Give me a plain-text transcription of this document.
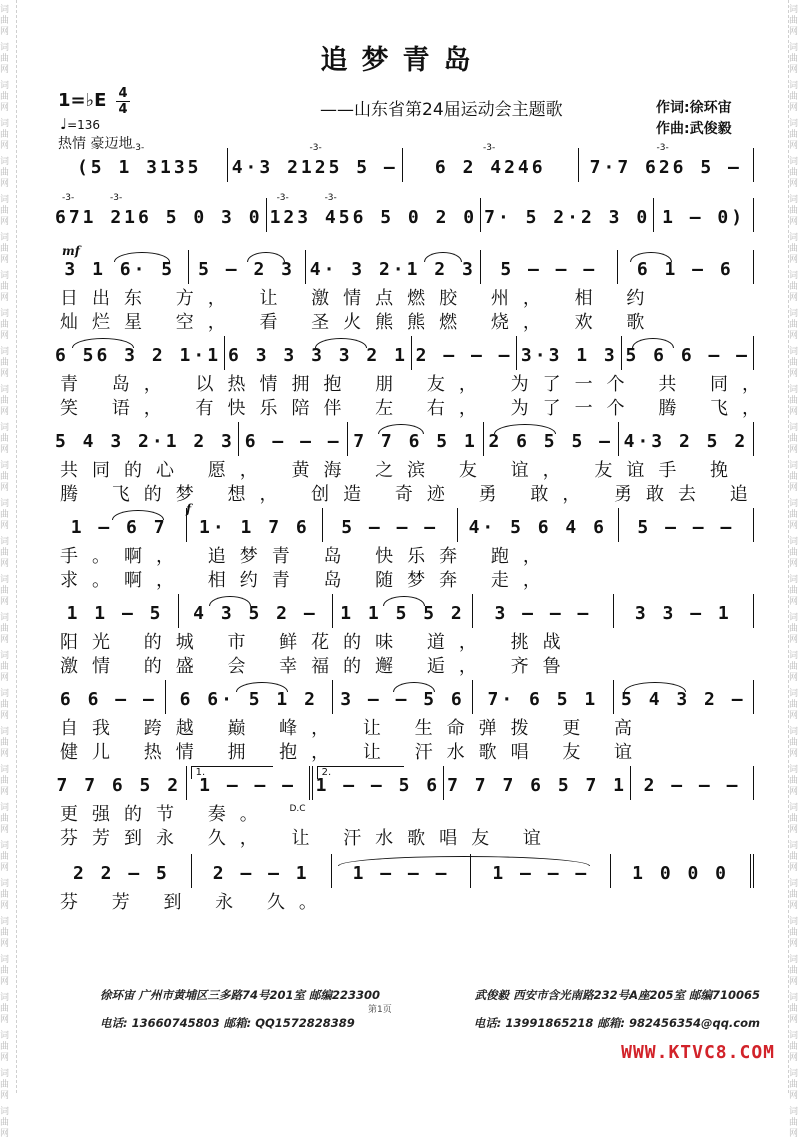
词曲网
词曲网
词曲网
词曲网
词曲网
词曲网
词曲网
词曲网
词曲网
词曲网
词曲网
词曲网
词曲网
词曲网
词曲网
词曲网
词曲网
词曲网
词曲网
词曲网
词曲网
词曲网
词曲网
词曲网
词曲网
词曲网
词曲网
词曲网
词曲网
词曲网
词曲网
词曲网
词曲网
词曲网
词曲网
词曲网
词曲网
词曲网
词曲网
词曲网
词曲网
词曲网
词曲网
词曲网
词曲网
词曲网
词曲网
词曲网
词曲网
词曲网
词曲网
词曲网
词曲网
词曲网
词曲网
词曲网
词曲网
词曲网
词曲网
词曲网
追梦青岛
1=♭E 4
4
♩=136
热情 豪迈地
——山东省第24届运动会主题歌	作词:徐环宙
作曲:武俊毅
-3-
(5 1 3135
-3-
4·3 2125 5 —
-3-
6 2 4246
-3-
7·7 626 5 —
-3-	-3-
671 216 5 0 3 0
-3-	-3-
123 456 5 0 2 0 7· 5 2·2 3 0 1 — 0)
mf
3 1 6· 5 5 — 2 3 4· 3 2·1 2 3 5 — — — 6 1 — 6
日出东 方， 让 激情点燃胶 州， 相 约
灿烂星 空， 看 圣火熊熊燃 烧， 欢 歌
6 56 3 2 1·1 6 3 3 3 3 2 1 2 — — — 3·3 1 3 5 6 6 — —
青 岛， 以热情拥抱 朋 友， 为了一个 共 同，
笑 语， 有快乐陪伴 左 右， 为了一个 腾 飞，
5 4 3 2·1 2 3 6 — — — 7 7 6 5 1 2 6 5 5 — 4·3 2 5 2
共同的心 愿， 黄海 之滨 友 谊， 友谊手 挽
腾 飞的梦 想， 创造 奇迹 勇 敢， 勇敢去 追
f
1 — 6 7 1· 1 7 6 5 — — — 4· 5 6 4 6 5 — — —
手。啊， 追梦青 岛 快乐奔 跑，
求。啊， 相约青 岛 随梦奔 走，
1 1 — 5 4 3 5 2 — 1 1 5 5 2 3 — — — 3 3 — 1
阳光 的城 市 鲜花的味 道， 挑战
激情 的盛 会 幸福的邂 逅， 齐鲁
6 6 — — 6 6· 5 1 2 3 — — 5 6 7· 6 5 1 5 4 3 2 —
自我 跨越 巅 峰， 让 生命弹拨 更 高
健儿 热情 拥 抱， 让 汗水歌唱 友 谊
7 7 6 5 2
1.
1 — — —
D.C
2.
1 — — 5 6 7 7 7 6 5 7 1 2 — — —
更强的节 奏。
芬芳到永 久， 让 汗水歌唱友 谊
2 2 — 5 2 — — 1 1 — — — 1 — — — 1 0 0 0
芬 芳 到 永 久。
徐环宙 广州市黄埔区三多路74号201室 邮编223300	武俊毅 西安市含光南路232号A座205室 邮编710065
电话: 13660745803 邮箱: QQ1572828389	电话: 13991865218 邮箱: 982456354@qq.com
第1页
WWW.KTVC8.COM
